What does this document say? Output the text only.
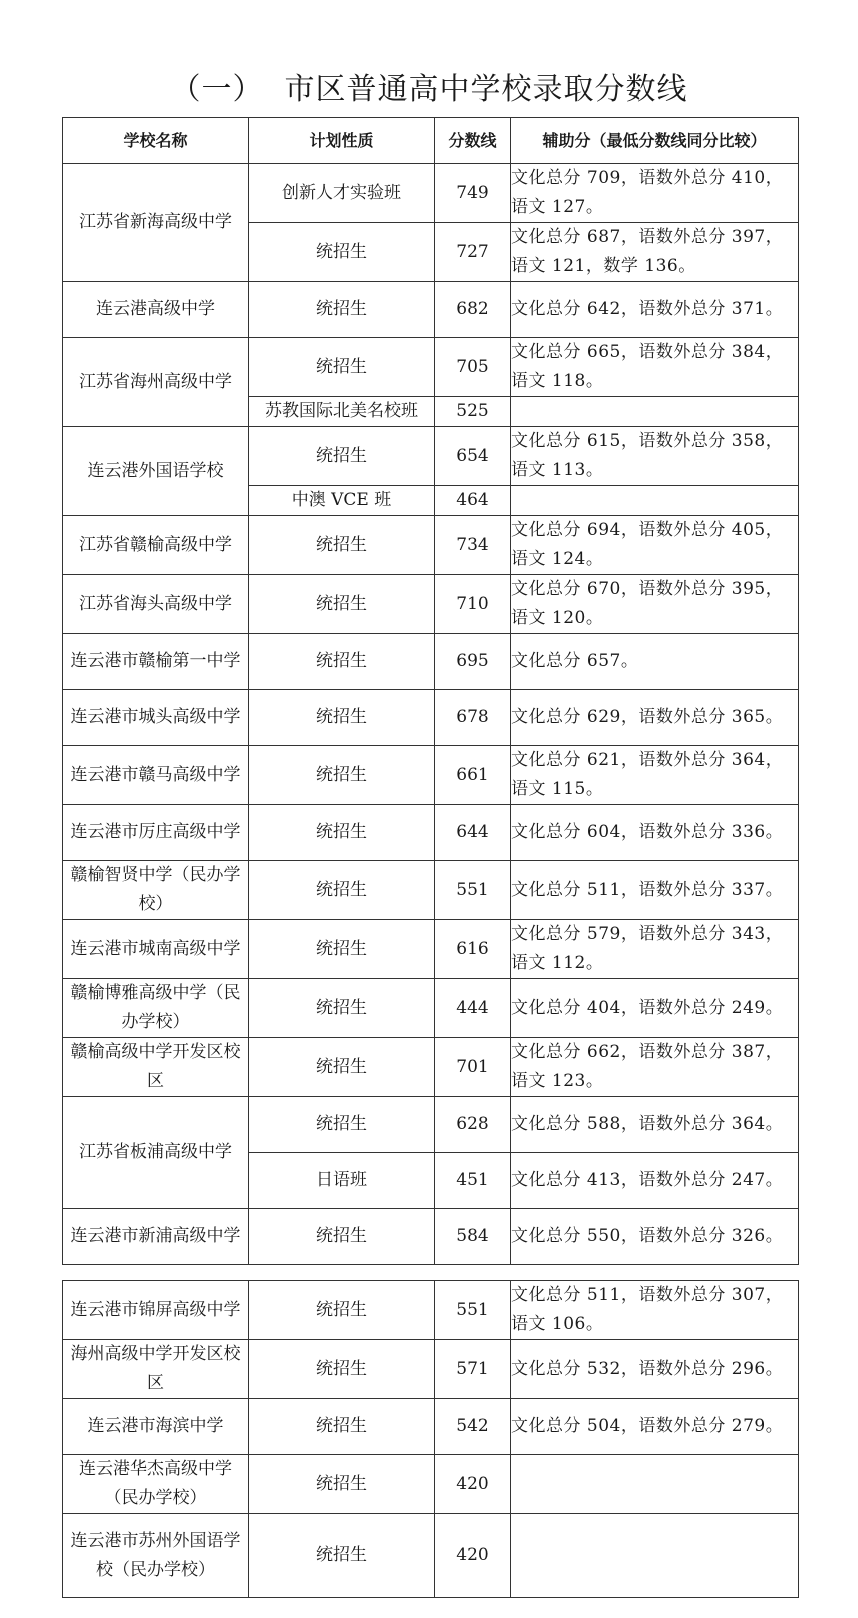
（一）  市区普通高中学校录取分数线
学校名称	计划性质	分数线	辅助分（最低分数线同分比较）
江苏省新海高级中学	创新人才实验班	749	文化总分 709，语数外总分 410，语文 127。
	统招生	727	文化总分 687，语数外总分 397，语文 121，数学 136。
连云港高级中学	统招生	682	文化总分 642，语数外总分 371。
江苏省海州高级中学	统招生	705	文化总分 665，语数外总分 384，语文 118。
	苏教国际北美名校班	525	
连云港外国语学校	统招生	654	文化总分 615，语数外总分 358，语文 113。
	中澳 VCE 班	464	
江苏省赣榆高级中学	统招生	734	文化总分 694，语数外总分 405，语文 124。
江苏省海头高级中学	统招生	710	文化总分 670，语数外总分 395，语文 120。
连云港市赣榆第一中学	统招生	695	文化总分 657。
连云港市城头高级中学	统招生	678	文化总分 629，语数外总分 365。
连云港市赣马高级中学	统招生	661	文化总分 621，语数外总分 364，语文 115。
连云港市厉庄高级中学	统招生	644	文化总分 604，语数外总分 336。
赣榆智贤中学（民办学校）	统招生	551	文化总分 511，语数外总分 337。
连云港市城南高级中学	统招生	616	文化总分 579，语数外总分 343，语文 112。
赣榆博雅高级中学（民办学校）	统招生	444	文化总分 404，语数外总分 249。
赣榆高级中学开发区校区	统招生	701	文化总分 662，语数外总分 387，语文 123。
江苏省板浦高级中学	统招生	628	文化总分 588，语数外总分 364。
	日语班	451	文化总分 413，语数外总分 247。
连云港市新浦高级中学	统招生	584	文化总分 550，语数外总分 326。
连云港市锦屏高级中学	统招生	551	文化总分 511，语数外总分 307，语文 106。
海州高级中学开发区校区	统招生	571	文化总分 532，语数外总分 296。
连云港市海滨中学	统招生	542	文化总分 504，语数外总分 279。
连云港华杰高级中学（民办学校）	统招生	420	
连云港市苏州外国语学校（民办学校）	统招生	420	
